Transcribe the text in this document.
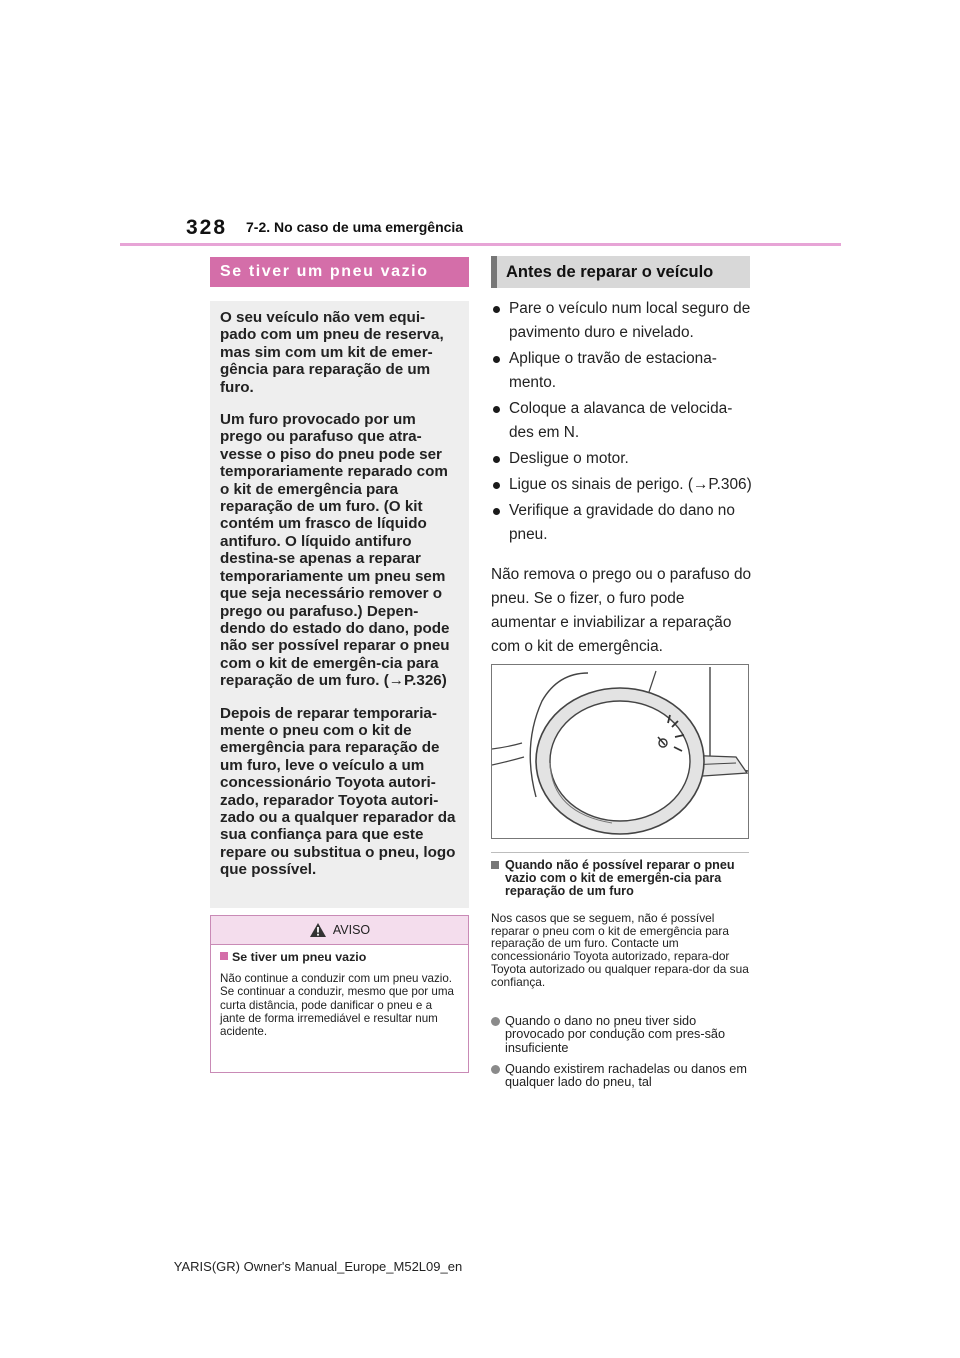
328 7-2. No caso de uma emergência
Se tiver um pneu vazio

O seu veículo não vem equi-pado com um pneu de reserva, mas sim com um kit de emer-gência para reparação de um furo.

Um furo provocado por um prego ou parafuso que atra-vesse o piso do pneu pode ser temporariamente reparado com o kit de emergência para reparação de um furo. (O kit contém um frasco de líquido antifuro. O líquido antifuro destina-se apenas a reparar temporariamente um pneu sem que seja necessário remover o prego ou parafuso.) Depen-dendo do estado do dano, pode não ser possível reparar o pneu com o kit de emergên-cia para reparação de um furo. (→P.326)

Depois de reparar temporaria-mente o pneu com o kit de emergência para reparação de um furo, leve o veículo a um concessionário Toyota autori-zado, reparador Toyota autori-zado ou a qualquer reparador da sua confiança para que este repare ou substitua o pneu, logo que possível.

AVISO
Se tiver um pneu vazio
Não continue a conduzir com um pneu vazio. Se continuar a conduzir, mesmo que por uma curta distância, pode danificar o pneu e a jante de forma irremediável e resultar num acidente.
Antes de reparar o veículo
Pare o veículo num local seguro de pavimento duro e nivelado.
Aplique o travão de estaciona-mento.
Coloque a alavanca de velocida-des em N.
Desligue o motor.
Ligue os sinais de perigo. (→P.306)
Verifique a gravidade do dano no pneu.

Não remova o prego ou o parafuso do pneu. Se o fizer, o furo pode aumentar e inviabilizar a reparação com o kit de emergência.

Quando não é possível reparar o pneu vazio com o kit de emergên-cia para reparação de um furo

Nos casos que se seguem, não é possível reparar o pneu com o kit de emergência para reparação de um furo. Contacte um concessionário Toyota autorizado, repara-dor Toyota autorizado ou qualquer repara-dor da sua confiança.

Quando o dano no pneu tiver sido provocado por condução com pres-são insuficiente
Quando existirem rachadelas ou danos em qualquer lado do pneu, tal
YARIS(GR) Owner's Manual_Europe_M52L09_en
